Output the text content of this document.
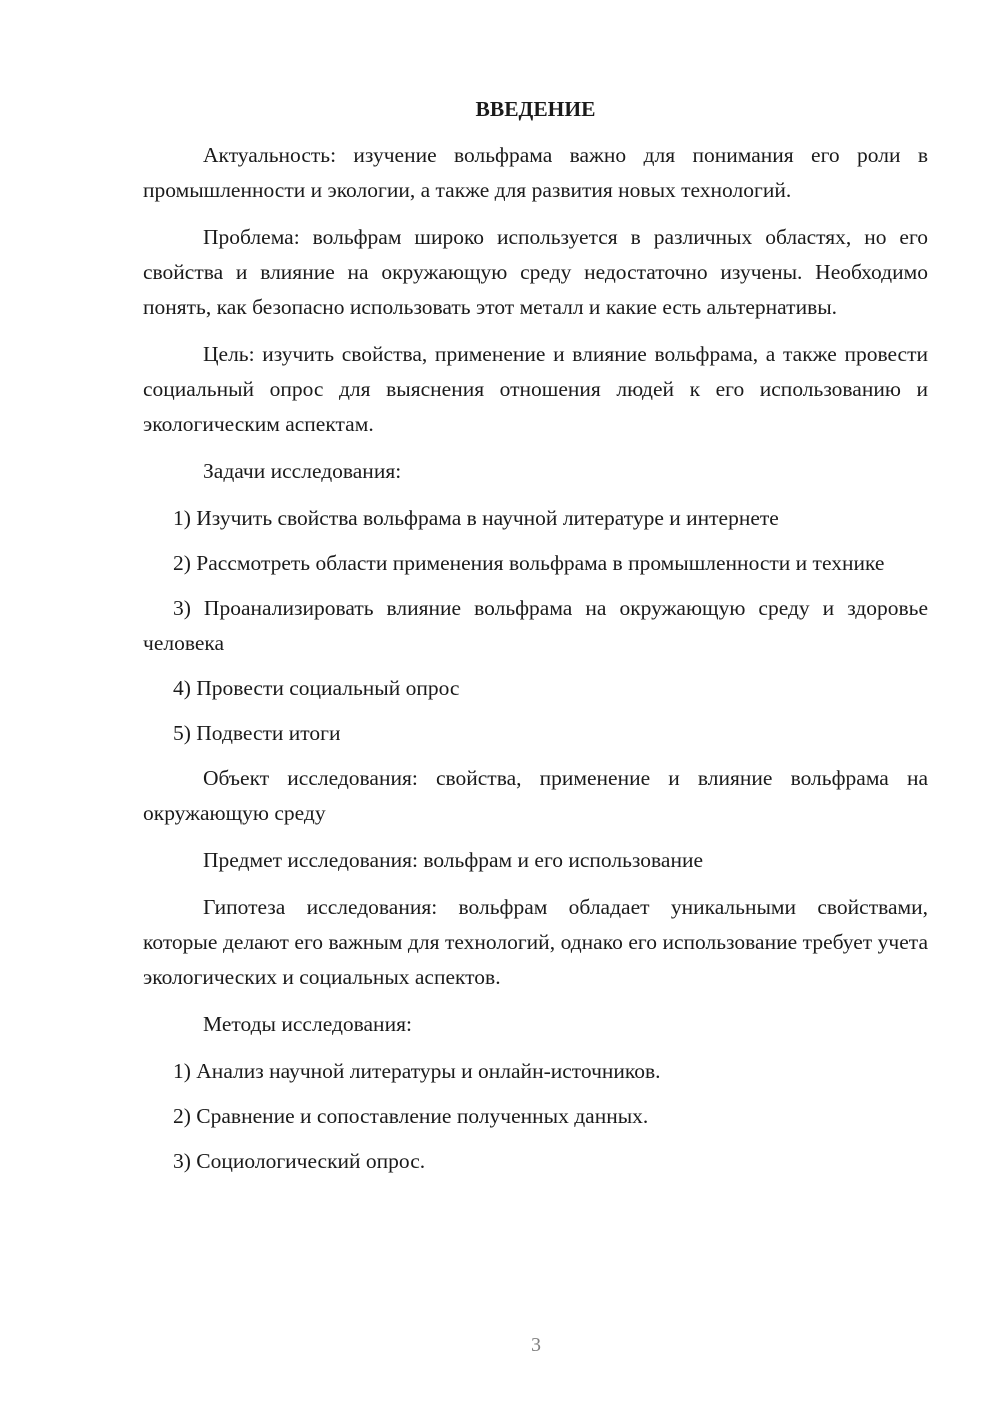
ВВЕДЕНИЕ

Актуальность: изучение вольфрама важно для понимания его роли в промышленности и экологии, а также для развития новых технологий.

Проблема: вольфрам широко используется в различных областях, но его свойства и влияние на окружающую среду недостаточно изучены. Необходимо понять, как безопасно использовать этот металл и какие есть альтернативы.

Цель: изучить свойства, применение и влияние вольфрама, а также провести социальный опрос для выяснения отношения людей к его использованию и экологическим аспектам.

Задачи исследования:

1) Изучить свойства вольфрама в научной литературе и интернете

2) Рассмотреть области применения вольфрама в промышленности и технике

3) Проанализировать влияние вольфрама на окружающую среду и здоровье человека

4) Провести социальный опрос

5) Подвести итоги

Объект исследования: свойства, применение и влияние вольфрама на окружающую среду

Предмет исследования: вольфрам и его использование

Гипотеза исследования: вольфрам обладает уникальными свойствами, которые делают его важным для технологий, однако его использование требует учета экологических и социальных аспектов.

Методы исследования:

1) Анализ научной литературы и онлайн-источников.

2) Сравнение и сопоставление полученных данных.

3) Социологический опрос.

3
